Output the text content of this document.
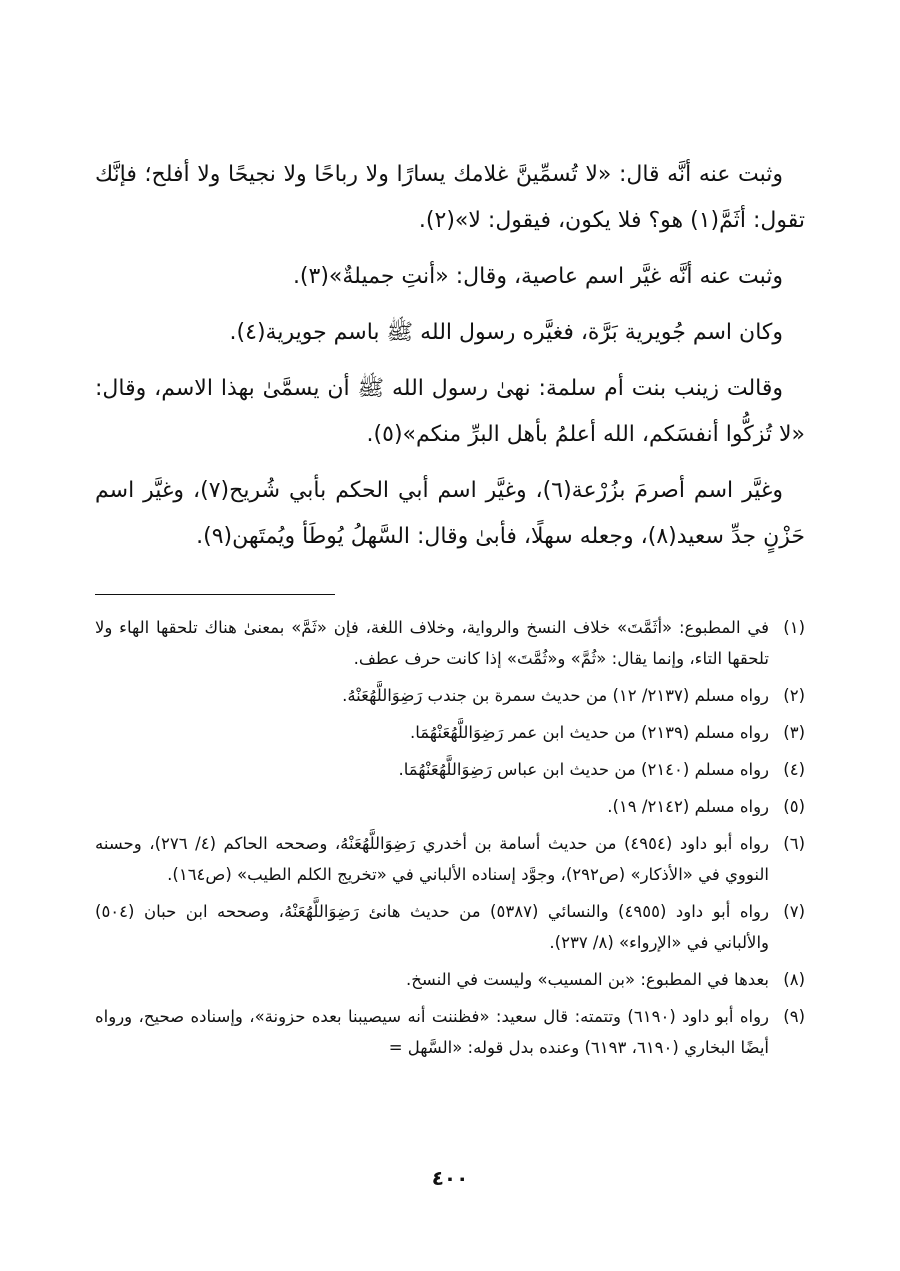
وثبت عنه أنَّه قال: «لا تُسمِّينَّ غلامك يسارًا ولا رباحًا ولا نجيحًا ولا أفلح؛ فإنَّك تقول: أثَمَّ(١) هو؟ فلا يكون، فيقول: لا»(٢).

وثبت عنه أنَّه غيَّر اسم عاصية، وقال: «أنتِ جميلةٌ»(٣).

وكان اسم جُويرية بَرَّة، فغيَّره رسول الله ﷺ باسم جويرية(٤).

وقالت زينب بنت أم سلمة: نهىٰ رسول الله ﷺ أن يسمَّىٰ بهذا الاسم، وقال: «لا تُزكُّوا أنفسَكم، الله أعلمُ بأهل البرِّ منكم»(٥).

وغيَّر اسم أصرمَ بزُرْعة(٦)، وغيَّر اسم أبي الحكم بأبي شُريح(٧)، وغيَّر اسم حَزْنٍ جدِّ سعيد(٨)، وجعله سهلًا، فأبىٰ وقال: السَّهلُ يُوطَأ ويُمتَهن(٩).

(١)
في المطبوع: «أثَمَّتَ» خلاف النسخ والرواية، وخلاف اللغة، فإن «ثَمَّ» بمعنىٰ هناك تلحقها الهاء ولا تلحقها التاء، وإنما يقال: «ثُمَّ» و«ثُمَّتَ» إذا كانت حرف عطف.
(٢)
رواه مسلم (٢١٣٧/ ١٢) من حديث سمرة بن جندب رَضِوَاللَّهُعَنْهُ.
(٣)
رواه مسلم (٢١٣٩) من حديث ابن عمر رَضِوَاللَّهُعَنْهُمَا.
(٤)
رواه مسلم (٢١٤٠) من حديث ابن عباس رَضِوَاللَّهُعَنْهُمَا.
(٥)
رواه مسلم (٢١٤٢/ ١٩).
(٦)
رواه أبو داود (٤٩٥٤) من حديث أسامة بن أخدري رَضِوَاللَّهُعَنْهُ، وصححه الحاكم (٤/ ٢٧٦)، وحسنه النووي في «الأذكار» (ص٢٩٢)، وجوَّد إسناده الألباني في «تخريج الكلم الطيب» (ص١٦٤).
(٧)
رواه أبو داود (٤٩٥٥) والنسائي (٥٣٨٧) من حديث هانئ رَضِوَاللَّهُعَنْهُ، وصححه ابن حبان (٥٠٤) والألباني في «الإرواء» (٨/ ٢٣٧).
(٨)
بعدها في المطبوع: «بن المسيب» وليست في النسخ.
(٩)
رواه أبو داود (٦١٩٠) وتتمته: قال سعيد: «فظننت أنه سيصيبنا بعده حزونة»، وإسناده صحيح، ورواه أيضًا البخاري (٦١٩٠، ٦١٩٣) وعنده بدل قوله: «السَّهل =
٤٠٠
